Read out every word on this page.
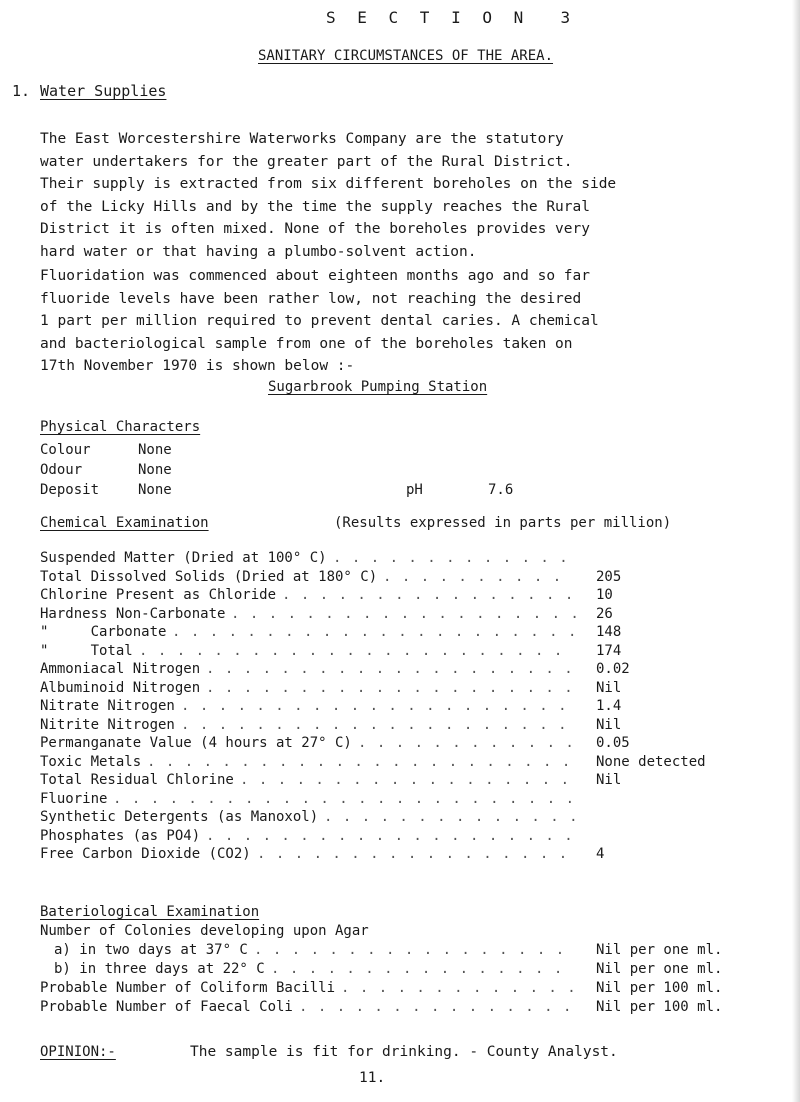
S E C T I O N  3
SANITARY CIRCUMSTANCES OF THE AREA.
1. Water Supplies
The East Worcestershire Waterworks Company are the statutory
water undertakers for the greater part of the Rural District.
Their supply is extracted from six different boreholes on the side
of the Licky Hills and by the time the supply reaches the Rural
District it is often mixed. None of the boreholes provides very
hard water or that having a plumbo-solvent action.
Fluoridation was commenced about eighteen months ago and so far
fluoride levels have been rather low, not reaching the desired
1 part per million required to prevent dental caries. A chemical
and bacteriological sample from one of the boreholes taken on
17th November 1970 is shown below :-
Sugarbrook Pumping Station
Physical Characters
Colour	None
Odour	None
Deposit	None	pH	7.6
Chemical Examination	(Results expressed in parts per million)
Suspended Matter (Dried at 100° C) . . . . . . . . . . . . .
Total Dissolved Solids (Dried at 180° C) . . . . . . . . . . 205
Chlorine Present as Chloride . . . . . . . . . . . . . . . . 10
Hardness Non-Carbonate . . . . . . . . . . . . . . . . . . . 26
"     Carbonate . . . . . . . . . . . . . . . . . . . . . . 148
"     Total . . . . . . . . . . . . . . . . . . . . . . . 174
Ammoniacal Nitrogen . . . . . . . . . . . . . . . . . . . . 0.02
Albuminoid Nitrogen . . . . . . . . . . . . . . . . . . . . Nil
Nitrate Nitrogen . . . . . . . . . . . . . . . . . . . . . 1.4
Nitrite Nitrogen . . . . . . . . . . . . . . . . . . . . . Nil
Permanganate Value (4 hours at 27° C) . . . . . . . . . . . . 0.05
Toxic Metals . . . . . . . . . . . . . . . . . . . . . . . None detected
Total Residual Chlorine . . . . . . . . . . . . . . . . . . Nil
Fluorine . . . . . . . . . . . . . . . . . . . . . . . . .
Synthetic Detergents (as Manoxol) . . . . . . . . . . . . . .
Phosphates (as PO4) . . . . . . . . . . . . . . . . . . . .
Free Carbon Dioxide (CO2) . . . . . . . . . . . . . . . . . 4
Bateriological Examination
Number of Colonies developing upon Agar
a) in two days at 37° C . . . . . . . . . . . . . . . . . Nil per one ml.
b) in three days at 22° C . . . . . . . . . . . . . . . . Nil per one ml.
Probable Number of Coliform Bacilli . . . . . . . . . . . . . Nil per 100 ml.
Probable Number of Faecal Coli . . . . . . . . . . . . . . . Nil per 100 ml.
OPINION:-	The sample is fit for drinking. - County Analyst.
11.
